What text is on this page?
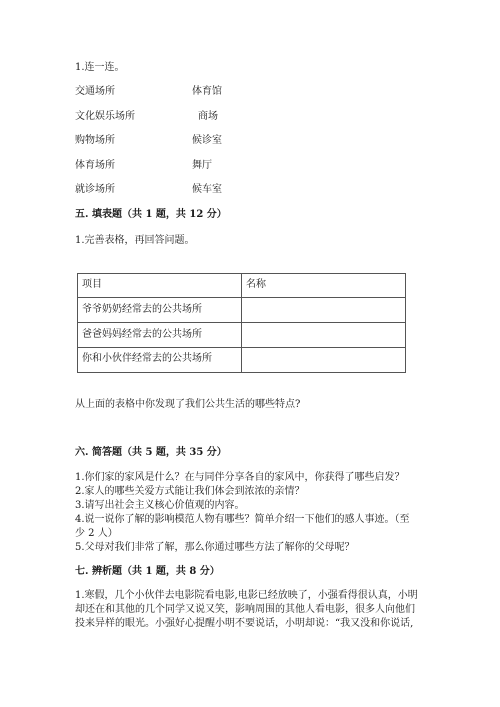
1.连一连。
交通场所
文化娱乐场所
购物场所
体育场所
就诊场所
体育馆
商场
候诊室
舞厅
候车室
五. 填表题（共 1 题，共 12 分）
1.完善表格，再回答问题。
项目	名称
爷爷奶奶经常去的公共场所
爸爸妈妈经常去的公共场所
你和小伙伴经常去的公共场所
从上面的表格中你发现了我们公共生活的哪些特点?
六. 简答题（共 5 题，共 35 分）
1.你们家的家风是什么？在与同伴分享各自的家风中，你获得了哪些启发？
2.家人的哪些关爱方式能让我们体会到浓浓的亲情？
3.请写出社会主义核心价值观的内容。
4.说一说你了解的影响模范人物有哪些？简单介绍一下他们的感人事迹。（至
少 2 人）
5.父母对我们非常了解，那么你通过哪些方法了解你的父母呢？
七. 辨析题（共 1 题，共 8 分）
1.寒假，几个小伙伴去电影院看电影,电影已经放映了，小强看得很认真，小明
却还在和其他的几个同学又说又笑，影响周围的其他人看电影，很多人向他们
投来异样的眼光。小强好心提醒小明不要说话，小明却说：“我又没和你说话,
